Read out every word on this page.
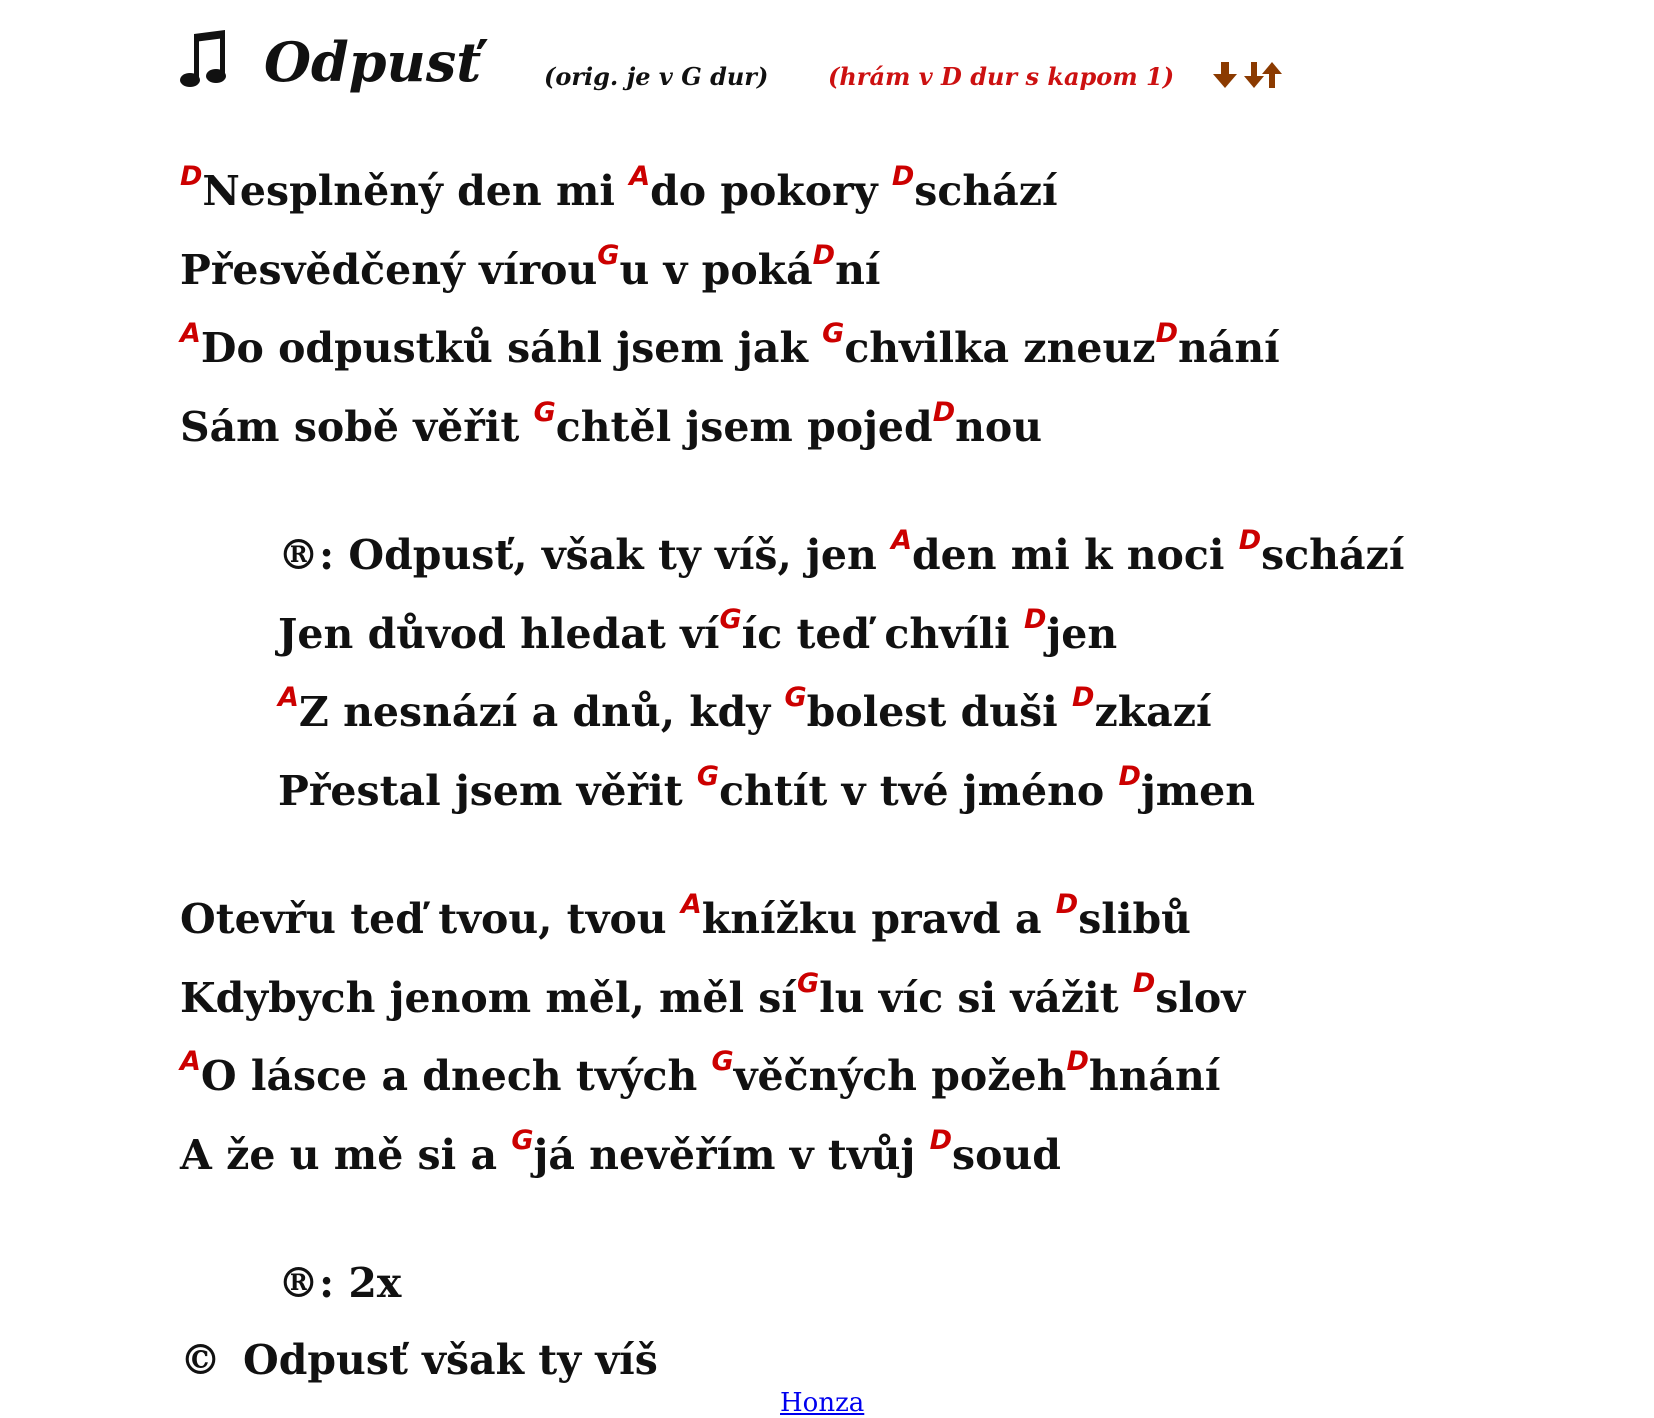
Odpusť	(orig. je v G dur) (hrám v D dur s kapom 1)
$^D$Nesplněný den mi $^A$do pokory $^D$schází
Přesvědčený vírou$^G$u v poká$^D$ní
$^A$Do odpustků sáhl jsem jak $^G$chvilka zneuz$^D$nání
Sám sobě věřit $^G$chtěl jsem pojed$^D$nou
®: Odpusť, však ty víš, jen $^A$den mi k noci $^D$schází
Jen důvod hledat $ví^Gíc$ teď chvíli $^D$jen
$^A$Z nesnází a dnů, kdy $^G$bolest duši $^D$zkazí
Přestal jsem věřit $^G$chtít v tvé jméno $^D$jmen
Otevřu teď tvou, tvou $^A$knížku pravd a $^D$slibů
Kdybych jenom měl, měl $sí^Glu$ víc si vážit $^D$slov
$^A$O lásce a dnech tvých $^G$věčných požeh$^D$hnání
A že u mě si a $^G$já nevěřím v tvůj $^D$soud
®: 2x
© Odpusť však ty víš
Honza
